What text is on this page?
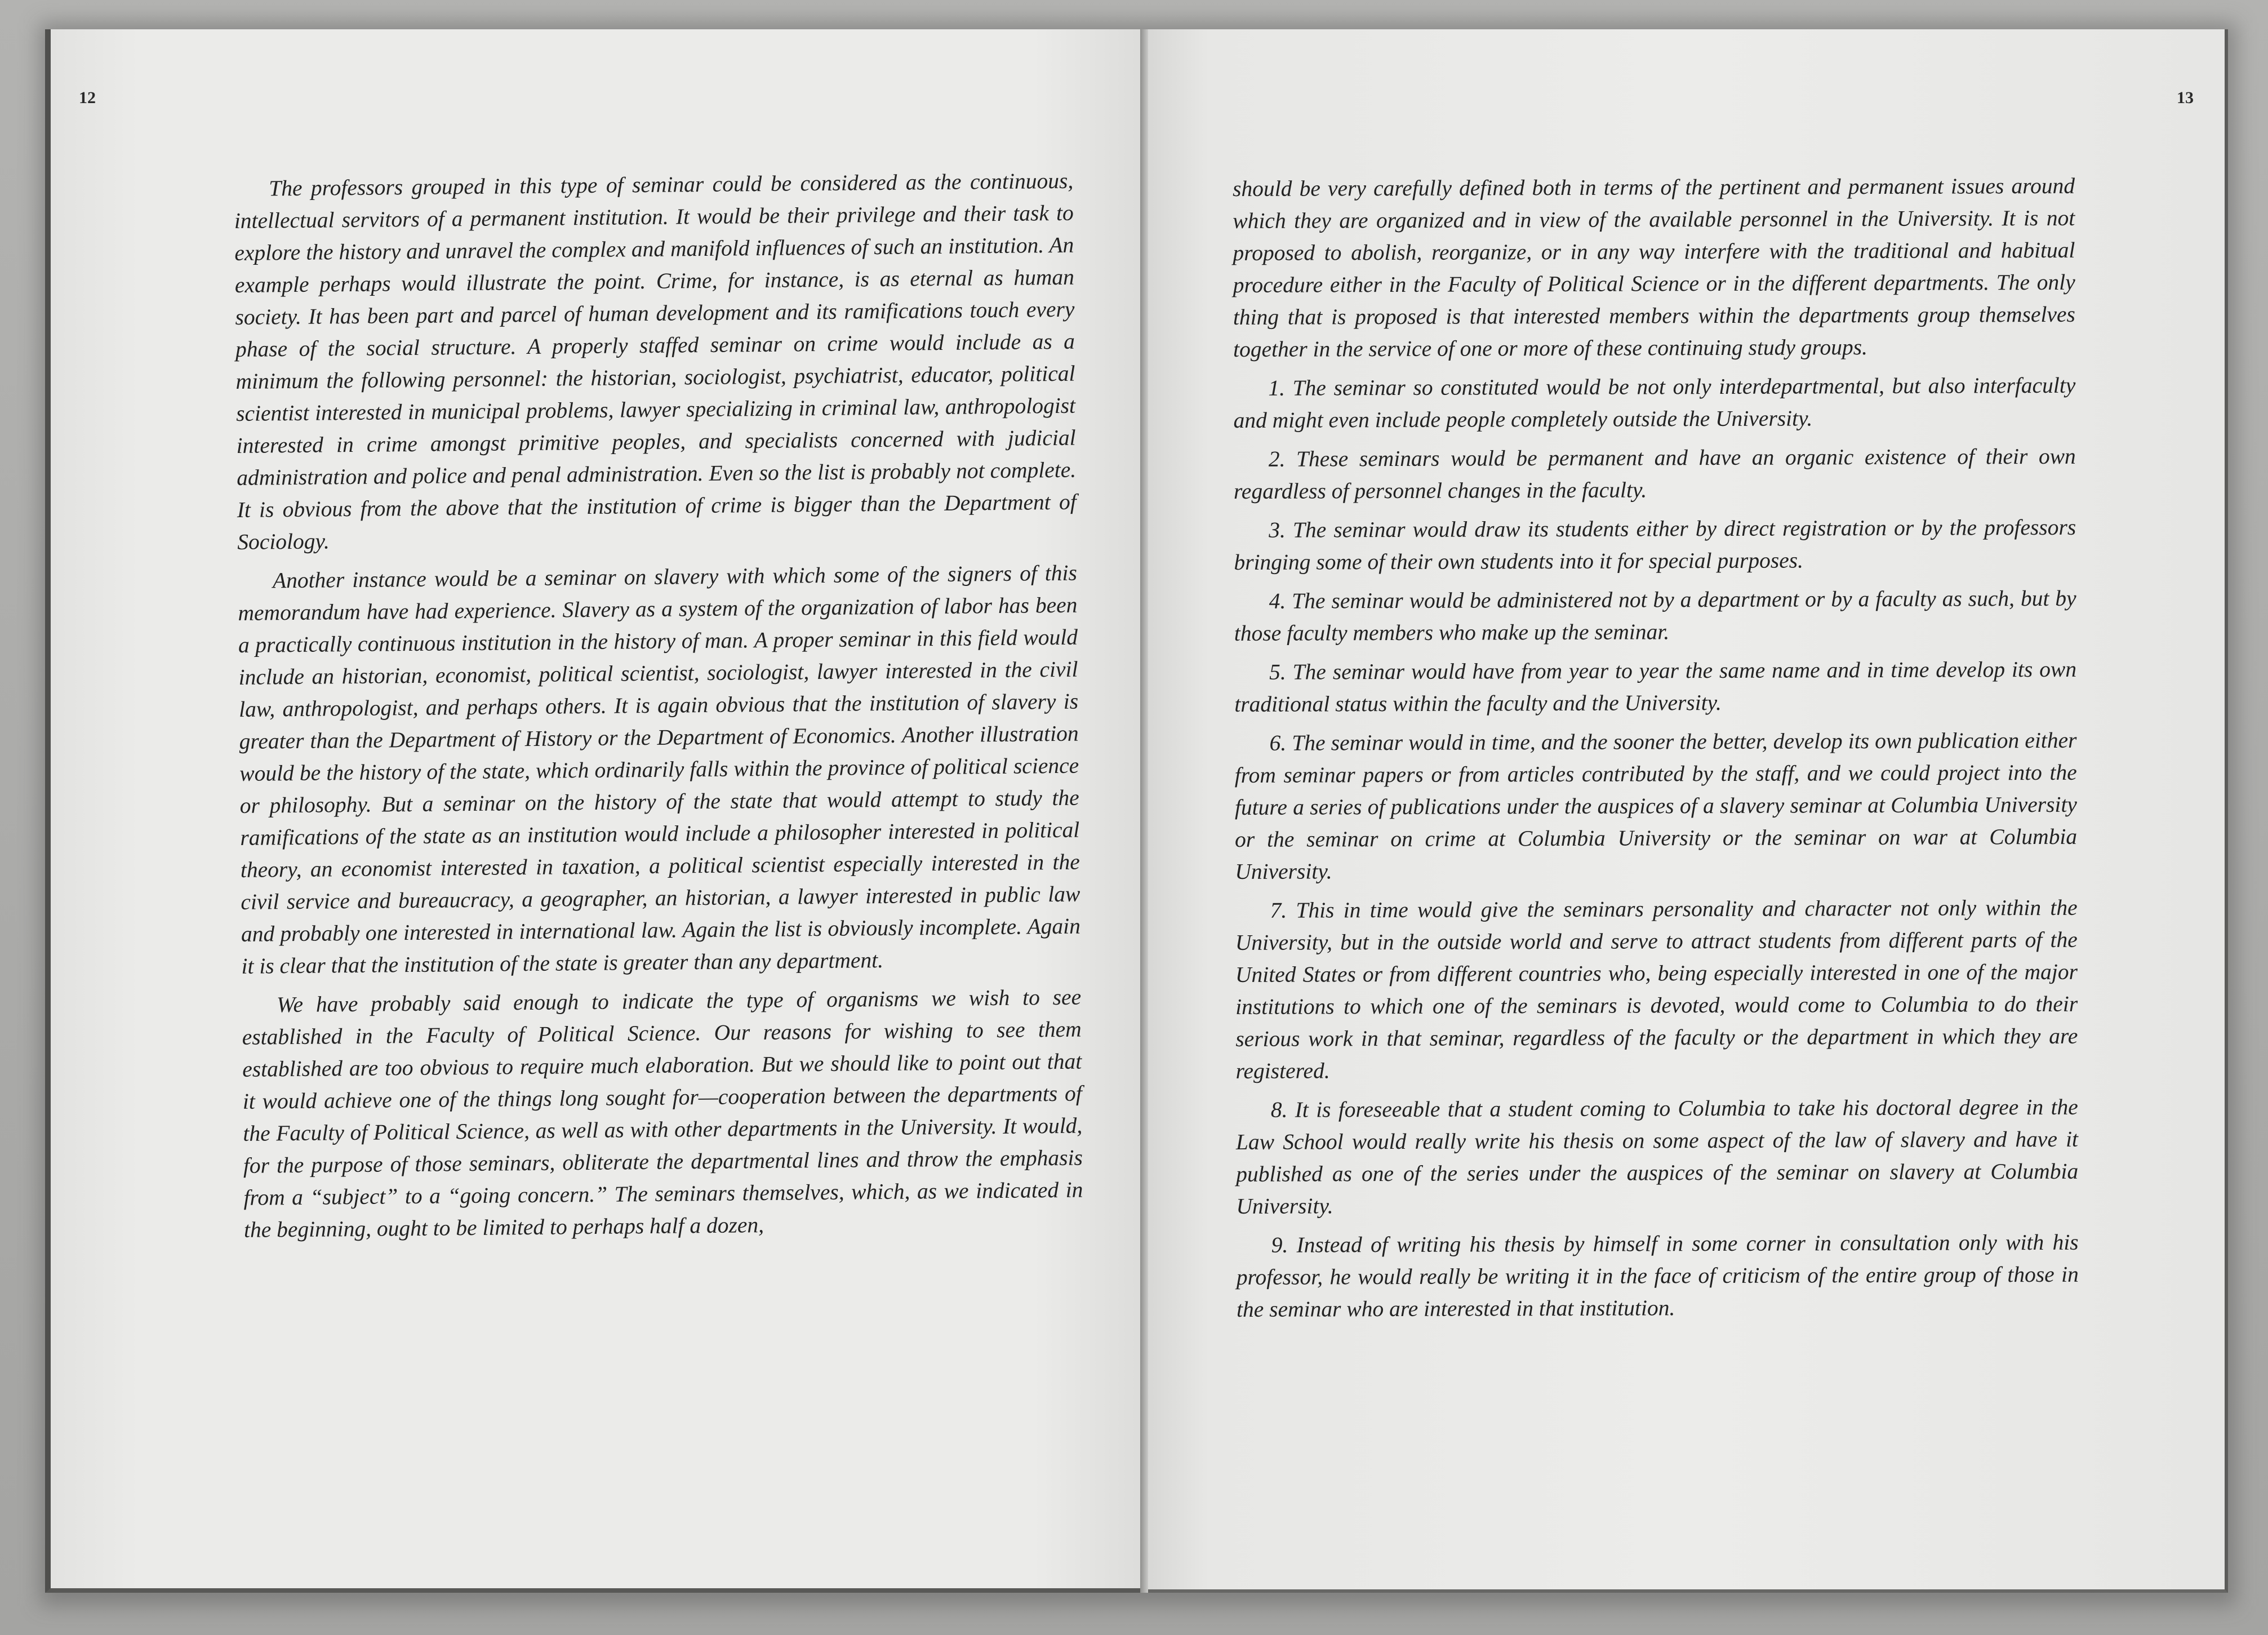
12

The professors grouped in this type of seminar could be considered as the continuous, intellectual servitors of a permanent institution. It would be their privilege and their task to explore the history and unravel the complex and manifold influences of such an institution. An example perhaps would illustrate the point. Crime, for instance, is as eternal as human society. It has been part and parcel of human development and its ramifications touch every phase of the social structure. A properly staffed seminar on crime would include as a minimum the following personnel: the historian, sociologist, psychiatrist, educator, political scientist interested in municipal problems, lawyer specializing in criminal law, anthropologist interested in crime amongst primitive peoples, and specialists concerned with judicial administration and police and penal administration. Even so the list is probably not complete. It is obvious from the above that the institution of crime is bigger than the Department of Sociology.

Another instance would be a seminar on slavery with which some of the signers of this memorandum have had experience. Slavery as a system of the organization of labor has been a practically continuous institution in the history of man. A proper seminar in this field would include an historian, economist, political scientist, sociologist, lawyer interested in the civil law, anthropologist, and perhaps others. It is again obvious that the institution of slavery is greater than the Department of History or the Department of Economics. Another illustration would be the history of the state, which ordinarily falls within the province of political science or philosophy. But a seminar on the history of the state that would attempt to study the ramifications of the state as an institution would include a philosopher interested in political theory, an economist interested in taxation, a political scientist especially interested in the civil service and bureaucracy, a geographer, an historian, a lawyer interested in public law and probably one interested in international law. Again the list is obviously incomplete. Again it is clear that the institution of the state is greater than any department.

We have probably said enough to indicate the type of organisms we wish to see established in the Faculty of Political Science. Our reasons for wishing to see them established are too obvious to require much elaboration. But we should like to point out that it would achieve one of the things long sought for—cooperation between the departments of the Faculty of Political Science, as well as with other departments in the University. It would, for the purpose of those seminars, obliterate the departmental lines and throw the emphasis from a “subject” to a “going concern.” The seminars themselves, which, as we indicated in the beginning, ought to be limited to perhaps half a dozen,

13

should be very carefully defined both in terms of the pertinent and permanent issues around which they are organized and in view of the available personnel in the University. It is not proposed to abolish, reorganize, or in any way interfere with the traditional and habitual procedure either in the Faculty of Political Science or in the different departments. The only thing that is proposed is that interested members within the departments group themselves together in the service of one or more of these continuing study groups.

1. The seminar so constituted would be not only interdepartmental, but also interfaculty and might even include people completely outside the University.

2. These seminars would be permanent and have an organic existence of their own regardless of personnel changes in the faculty.

3. The seminar would draw its students either by direct registration or by the professors bringing some of their own students into it for special purposes.

4. The seminar would be administered not by a department or by a faculty as such, but by those faculty members who make up the seminar.

5. The seminar would have from year to year the same name and in time develop its own traditional status within the faculty and the University.

6. The seminar would in time, and the sooner the better, develop its own publication either from seminar papers or from articles contributed by the staff, and we could project into the future a series of publications under the auspices of a slavery seminar at Columbia University or the seminar on crime at Columbia University or the seminar on war at Columbia University.

7. This in time would give the seminars personality and character not only within the University, but in the outside world and serve to attract students from different parts of the United States or from different countries who, being especially interested in one of the major institutions to which one of the seminars is devoted, would come to Columbia to do their serious work in that seminar, regardless of the faculty or the department in which they are registered.

8. It is foreseeable that a student coming to Columbia to take his doctoral degree in the Law School would really write his thesis on some aspect of the law of slavery and have it published as one of the series under the auspices of the seminar on slavery at Columbia University.

9. Instead of writing his thesis by himself in some corner in consultation only with his professor, he would really be writing it in the face of criticism of the entire group of those in the seminar who are interested in that institution.
